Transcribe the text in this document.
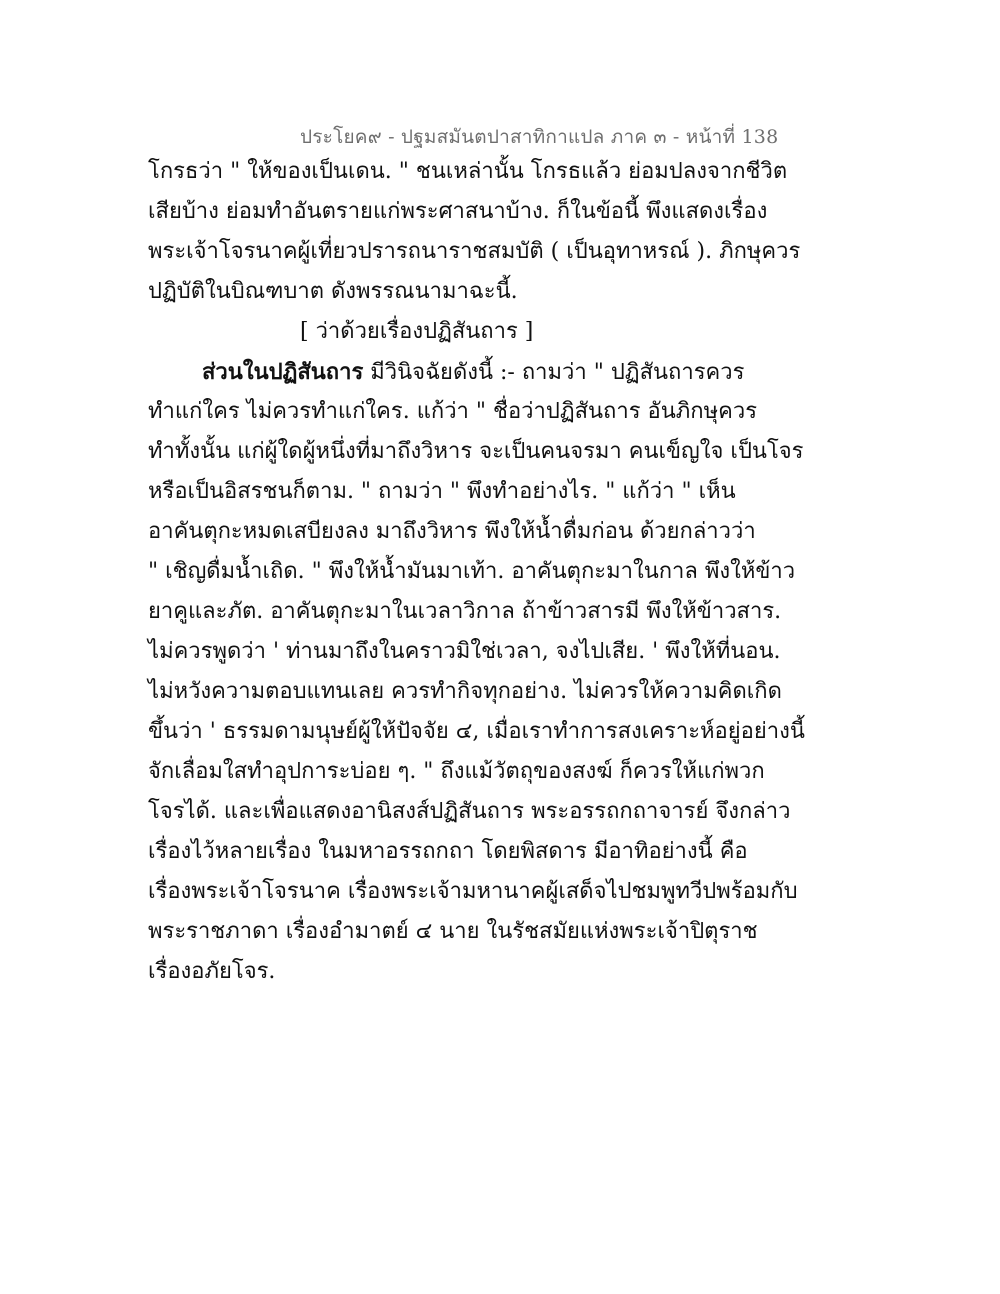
ประโยค๙ - ปฐมสมันตปาสาทิกาแปล ภาค ๓ - หน้าที่ 138
โกรธว่า " ให้ของเป็นเดน. " ชนเหล่านั้น โกรธแล้ว ย่อมปลงจากชีวิต
เสียบ้าง ย่อมทำอันตรายแก่พระศาสนาบ้าง. ก็ในข้อนี้ พึงแสดงเรื่อง
พระเจ้าโจรนาคผู้เที่ยวปรารถนาราชสมบัติ ( เป็นอุทาหรณ์ ). ภิกษุควร
ปฏิบัติในบิณฑบาต ดังพรรณนามาฉะนี้.
[ ว่าด้วยเรื่องปฏิสันถาร ]
ส่วนในปฏิสันถาร มีวินิจฉัยดังนี้ :- ถามว่า " ปฏิสันถารควร
ทำแก่ใคร ไม่ควรทำแก่ใคร. แก้ว่า " ชื่อว่าปฏิสันถาร อันภิกษุควร
ทำทั้งนั้น แก่ผู้ใดผู้หนึ่งที่มาถึงวิหาร จะเป็นคนจรมา คนเข็ญใจ เป็นโจร
หรือเป็นอิสรชนก็ตาม. " ถามว่า " พึงทำอย่างไร. " แก้ว่า " เห็น
อาคันตุกะหมดเสบียงลง มาถึงวิหาร พึงให้น้ำดื่มก่อน ด้วยกล่าวว่า
" เชิญดื่มน้ำเถิด. " พึงให้น้ำมันมาเท้า. อาคันตุกะมาในกาล พึงให้ข้าว
ยาคูและภัต. อาคันตุกะมาในเวลาวิกาล ถ้าข้าวสารมี พึงให้ข้าวสาร.
ไม่ควรพูดว่า ' ท่านมาถึงในคราวมิใช่เวลา, จงไปเสีย. ' พึงให้ที่นอน.
ไม่หวังความตอบแทนเลย ควรทำกิจทุกอย่าง. ไม่ควรให้ความคิดเกิด
ขึ้นว่า ' ธรรมดามนุษย์ผู้ให้ปัจจัย ๔, เมื่อเราทำการสงเคราะห์อยู่อย่างนี้
จักเลื่อมใสทำอุปการะบ่อย ๆ. " ถึงแม้วัตถุของสงฆ์ ก็ควรให้แก่พวก
โจรได้. และเพื่อแสดงอานิสงส์ปฏิสันถาร พระอรรถกถาจารย์ จึงกล่าว
เรื่องไว้หลายเรื่อง ในมหาอรรถกถา โดยพิสดาร มีอาทิอย่างนี้ คือ
เรื่องพระเจ้าโจรนาค เรื่องพระเจ้ามหานาคผู้เสด็จไปชมพูทวีปพร้อมกับ
พระราชภาดา เรื่องอำมาตย์ ๔ นาย ในรัชสมัยแห่งพระเจ้าปิตุราช
เรื่องอภัยโจร.
